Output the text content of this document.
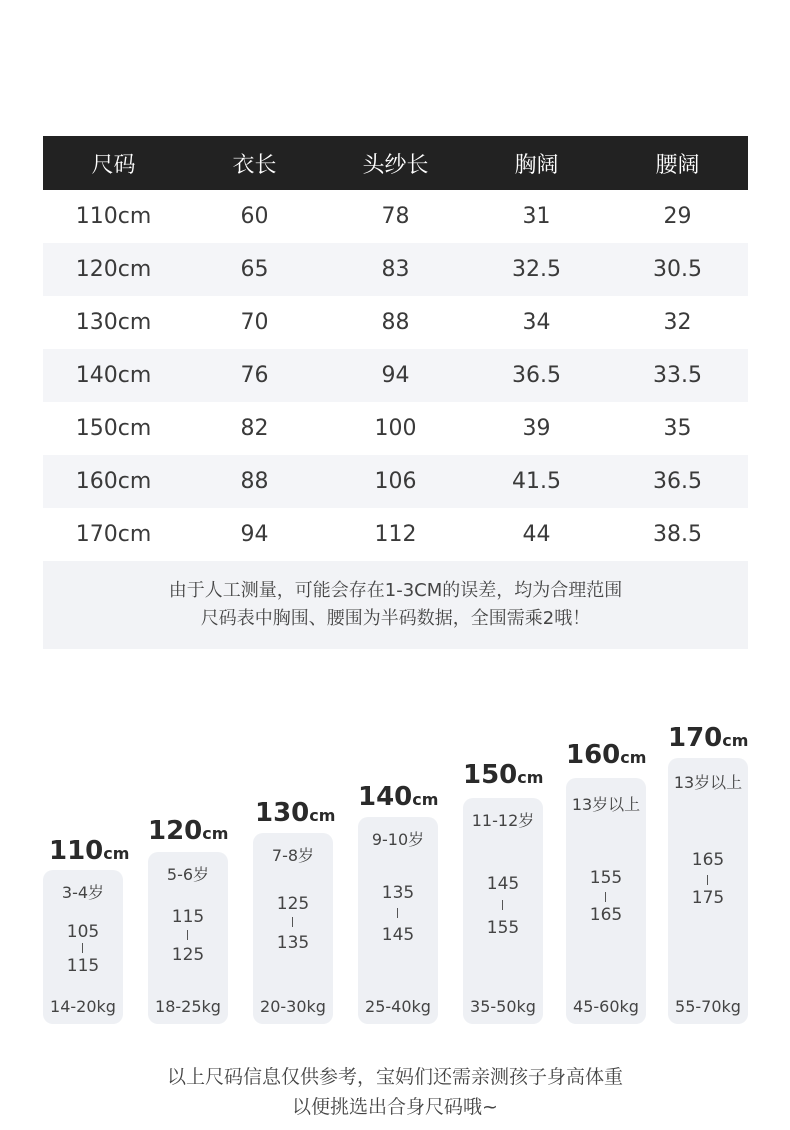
尺码	衣长	头纱长	胸阔	腰阔
110cm	60	78	31	29
120cm	65	83	32.5	30.5
130cm	70	88	34	32
140cm	76	94	36.5	33.5
150cm	82	100	39	35
160cm	88	106	41.5	36.5
170cm	94	112	44	38.5
由于人工测量，可能会存在1-3CM的误差，均为合理范围
尺码表中胸围、腰围为半码数据，全围需乘2哦！
110cm
3-4岁
105
115
14-20kg
120cm
5-6岁
115
125
18-25kg
130cm
7-8岁
125
135
20-30kg
140cm
9-10岁
135
145
25-40kg
150cm
11-12岁
145
155
35-50kg
160cm
13岁以上
155
165
45-60kg
170cm
13岁以上
165
175
55-70kg
以上尺码信息仅供参考，宝妈们还需亲测孩子身高体重
以便挑选出合身尺码哦~
